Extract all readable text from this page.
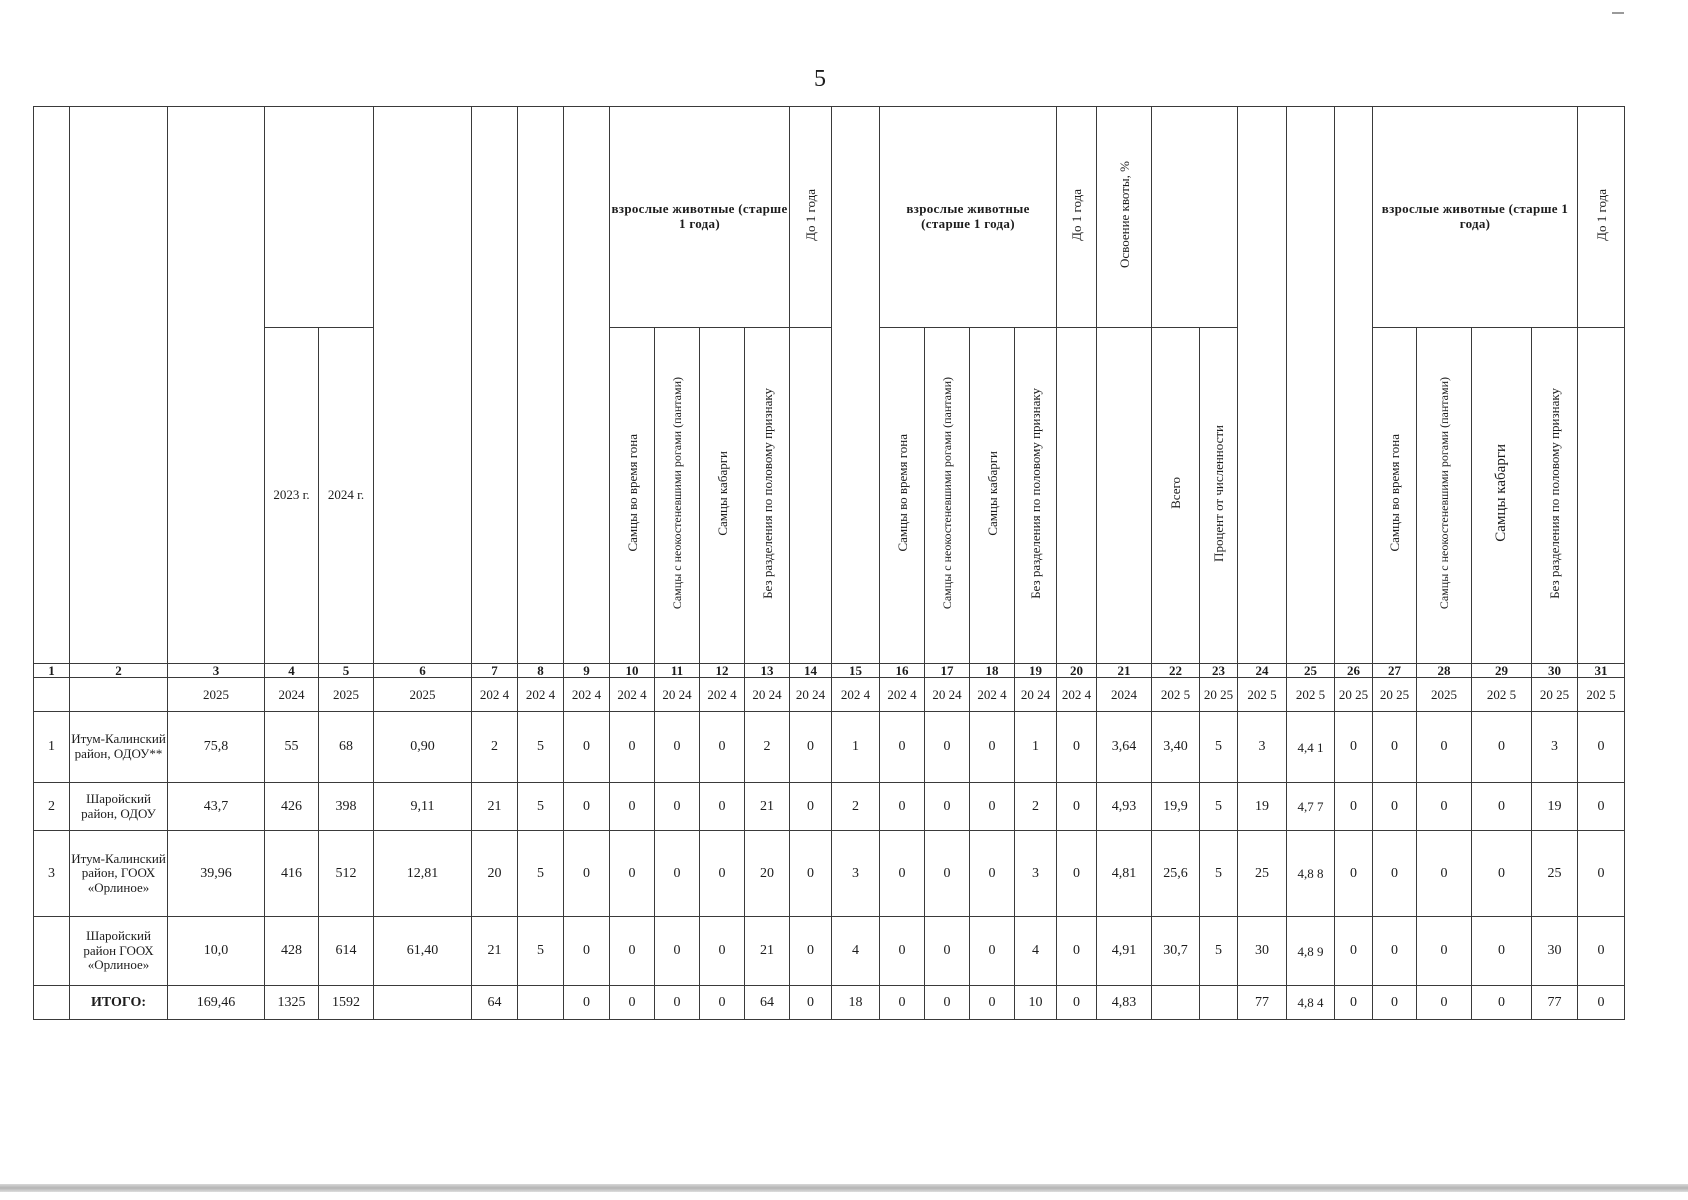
5
									взрослые животные (старше 1 года)				До 1 года		взрослые животные (старше 1 года)				До 1 года	Освоение квоты, %						взрослые животные (старше 1 года)				До 1 года
			2023 г.	2024 г.					Самцы во время гона	Самцы с неокостеневшими рогами (пантами)	Самцы кабарги	Без разделения по половому признаку			Самцы во время гона	Самцы с неокостеневшими рогами (пантами)	Самцы кабарги	Без разделения по половому признаку			Всего	Процент от численности				Самцы во время гона	Самцы с неокостеневшими рогами (пантами)	Самцы кабарги	Без разделения по половому признаку	
1	2	3	4	5	6	7	8	9	10	11	12	13	14	15	16	17	18	19	20	21	22	23	24	25	26	27	28	29	30	31
		2025	2024	2025	2025	202 4	202 4	202 4	202 4	20 24	202 4	20 24	20 24	202 4	202 4	20 24	202 4	20 24	202 4	2024	202 5	20 25	202 5	202 5	20 25	20 25	2025	202 5	20 25	202 5
1	Итум-Калинский район, ОДОУ**	75,8	55	68	0,90	2	5	0	0	0	0	2	0	1	0	0	0	1	0	3,64	3,40	5	3	4,4 1	0	0	0	0	3	0
2	Шаройский район, ОДОУ	43,7	426	398	9,11	21	5	0	0	0	0	21	0	2	0	0	0	2	0	4,93	19,9	5	19	4,7 7	0	0	0	0	19	0
3	Итум-Калинский район, ГООХ «Орлиное»	39,96	416	512	12,81	20	5	0	0	0	0	20	0	3	0	0	0	3	0	4,81	25,6	5	25	4,8 8	0	0	0	0	25	0
	Шаройский район ГООХ «Орлиное»	10,0	428	614	61,40	21	5	0	0	0	0	21	0	4	0	0	0	4	0	4,91	30,7	5	30	4,8 9	0	0	0	0	30	0
	ИТОГО:	169,46	1325	1592		64		0	0	0	0	64	0	18	0	0	0	10	0	4,83			77	4,8 4	0	0	0	0	77	0
